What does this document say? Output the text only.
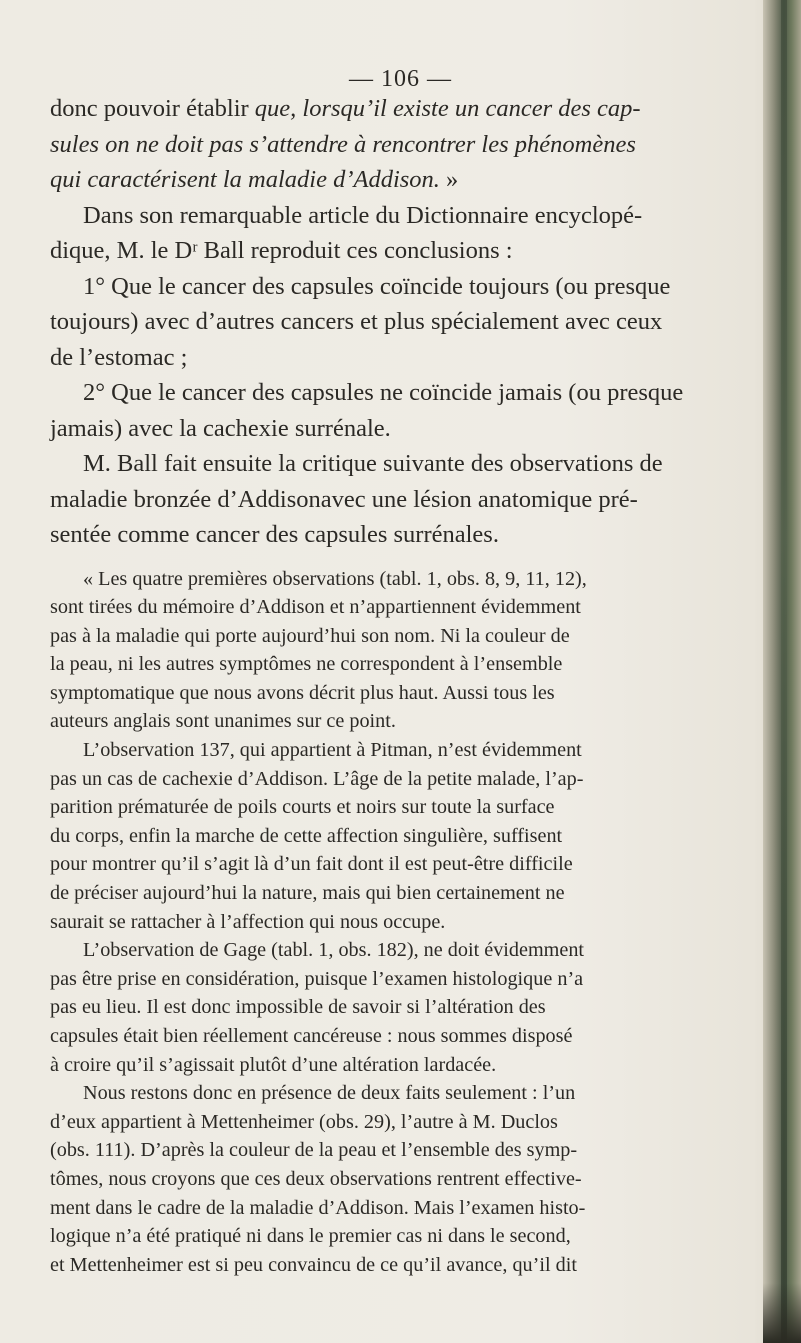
— 106 —

donc pouvoir établir que, lorsqu’il existe un cancer des cap-
sules on ne doit pas s’attendre à rencontrer les phénomènes
qui caractérisent la maladie d’Addison. »
Dans son remarquable article du Dictionnaire encyclopé-
dique, M. le Dʳ Ball reproduit ces conclusions :
1° Que le cancer des capsules coïncide toujours (ou presque
toujours) avec d’autres cancers et plus spécialement avec ceux
de l’estomac ;
2° Que le cancer des capsules ne coïncide jamais (ou presque
jamais) avec la cachexie surrénale.
M. Ball fait ensuite la critique suivante des observations de
maladie bronzée d’Addisonavec une lésion anatomique pré-
sentée comme cancer des capsules surrénales.

« Les quatre premières observations (tabl. 1, obs. 8, 9, 11, 12),
sont tirées du mémoire d’Addison et n’appartiennent évidemment
pas à la maladie qui porte aujourd’hui son nom. Ni la couleur de
la peau, ni les autres symptômes ne correspondent à l’ensemble
symptomatique que nous avons décrit plus haut. Aussi tous les
auteurs anglais sont unanimes sur ce point.
L’observation 137, qui appartient à Pitman, n’est évidemment
pas un cas de cachexie d’Addison. L’âge de la petite malade, l’ap-
parition prématurée de poils courts et noirs sur toute la surface
du corps, enfin la marche de cette affection singulière, suffisent
pour montrer qu’il s’agit là d’un fait dont il est peut-être difficile
de préciser aujourd’hui la nature, mais qui bien certainement ne
saurait se rattacher à l’affection qui nous occupe.
L’observation de Gage (tabl. 1, obs. 182), ne doit évidemment
pas être prise en considération, puisque l’examen histologique n’a
pas eu lieu. Il est donc impossible de savoir si l’altération des
capsules était bien réellement cancéreuse : nous sommes disposé
à croire qu’il s’agissait plutôt d’une altération lardacée.
Nous restons donc en présence de deux faits seulement : l’un
d’eux appartient à Mettenheimer (obs. 29), l’autre à M. Duclos
(obs. 111). D’après la couleur de la peau et l’ensemble des symp-
tômes, nous croyons que ces deux observations rentrent effective-
ment dans le cadre de la maladie d’Addison. Mais l’examen histo-
logique n’a été pratiqué ni dans le premier cas ni dans le second,
et Mettenheimer est si peu convaincu de ce qu’il avance, qu’il dit
